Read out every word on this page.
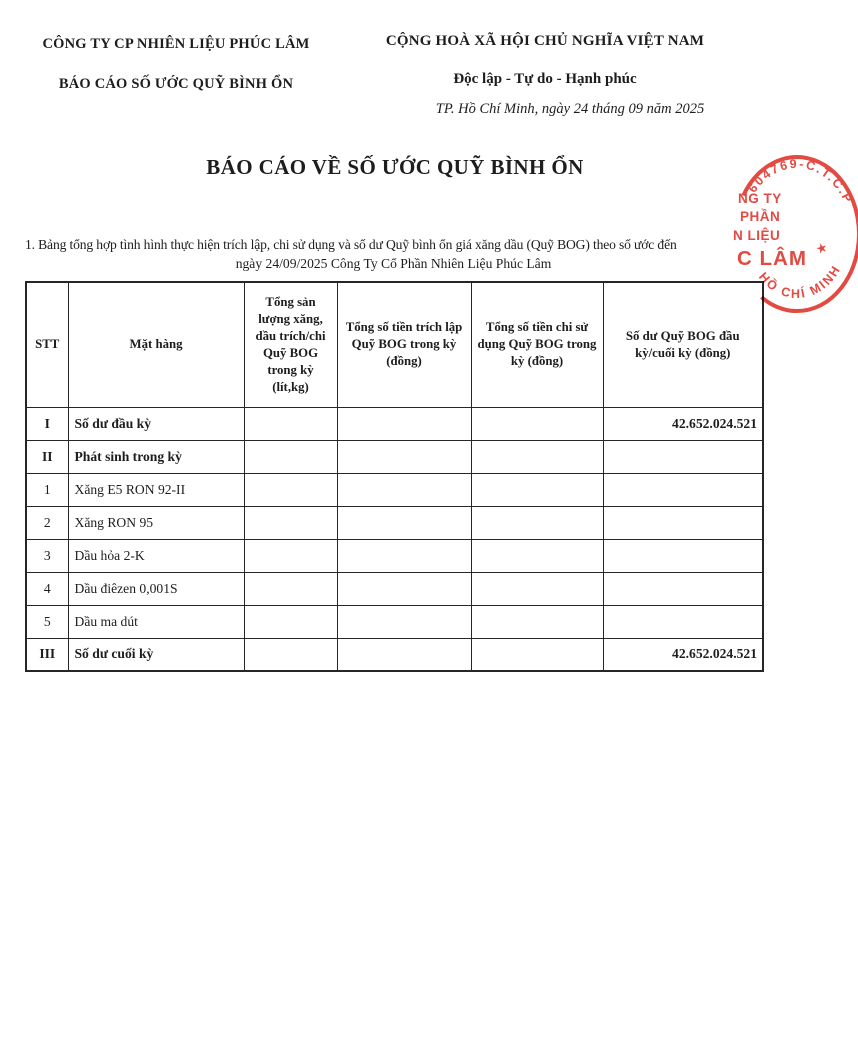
CÔNG TY CP NHIÊN LIỆU PHÚC LÂM
BÁO CÁO SỐ ƯỚC QUỸ BÌNH ỔN
CỘNG HOÀ XÃ HỘI CHỦ NGHĨA VIỆT NAM
Độc lập - Tự do - Hạnh phúc
TP. Hồ Chí Minh, ngày 24 tháng 09 năm 2025
BÁO CÁO VỀ SỐ ƯỚC QUỸ BÌNH ỔN
1. Bảng tổng hợp tình hình thực hiện trích lập, chi sử dụng và số dư Quỹ bình ổn giá xăng dầu (Quỹ BOG) theo số ước đến
ngày 24/09/2025 Công Ty Cổ Phần Nhiên Liệu Phúc Lâm
STT	Mặt hàng	Tổng sản lượng xăng, dầu trích/chi Quỹ BOG trong kỳ (lít,kg)	Tổng số tiền trích lập Quỹ BOG trong kỳ (đồng)	Tổng số tiền chi sử dụng Quỹ BOG trong kỳ (đồng)	Số dư Quỹ BOG đầu kỳ/cuối kỳ (đồng)
I	Số dư đầu kỳ				42.652.024.521
II	Phát sinh trong kỳ				
1	Xăng E5 RON 92-II				
2	Xăng RON 95				
3	Dầu hỏa 2-K				
4	Dầu điêzen 0,001S				
5	Dầu ma dút				
III	Số dư cuối kỳ				42.652.024.521
604769-C.T.C.P
★
HỒ CHÍ MINH
NG TY
PHẦN
N LIỆU
C LÂM
